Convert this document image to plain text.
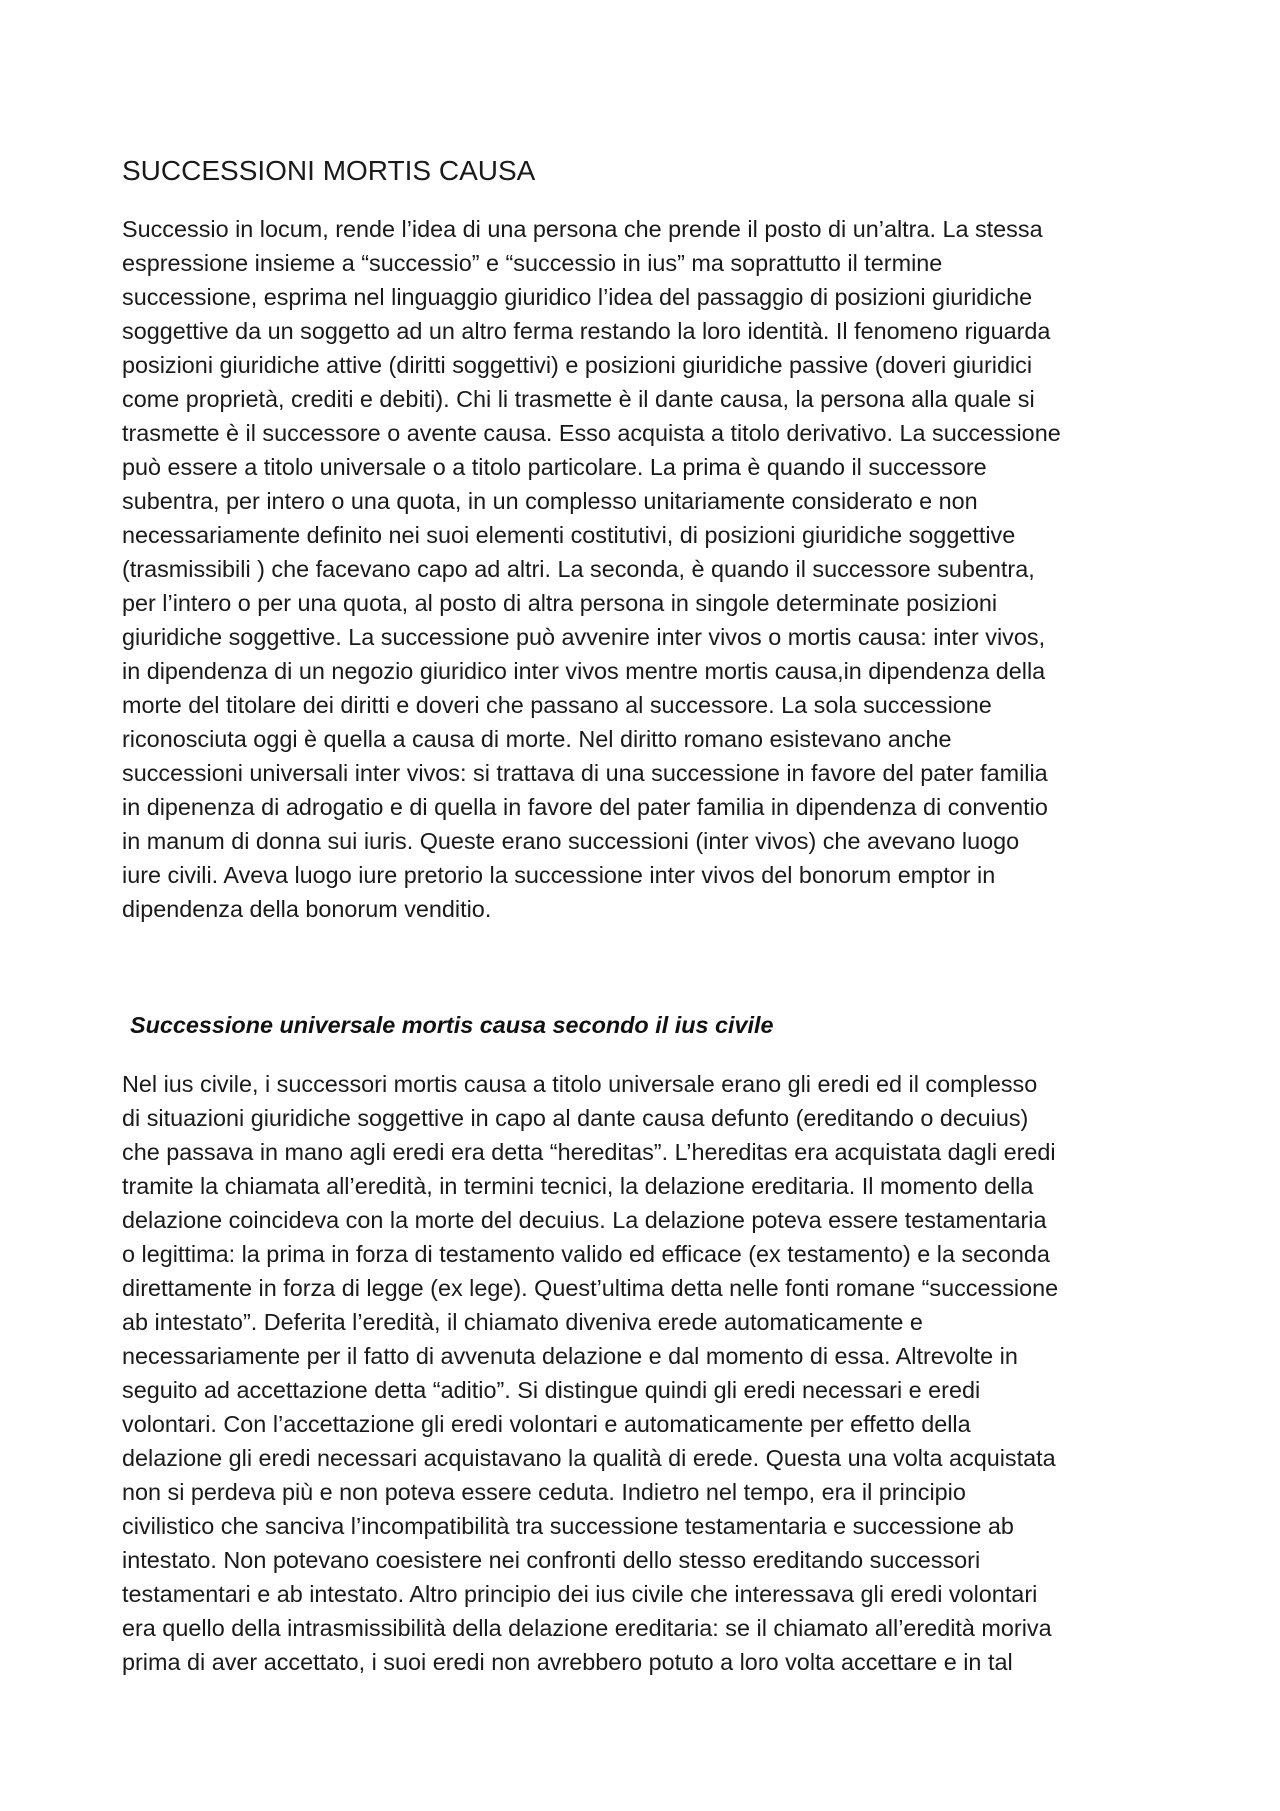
SUCCESSIONI MORTIS CAUSA

Successio in locum, rende l’idea di una persona che prende il posto di un’altra. La stessa
espressione insieme a “successio” e “successio in ius” ma soprattutto il termine
successione, esprima nel linguaggio giuridico l’idea del passaggio di posizioni giuridiche
soggettive da un soggetto ad un altro ferma restando la loro identità. Il fenomeno riguarda
posizioni giuridiche attive (diritti soggettivi) e posizioni giuridiche passive (doveri giuridici
come proprietà, crediti e debiti). Chi li trasmette è il dante causa, la persona alla quale si
trasmette è il successore o avente causa. Esso acquista a titolo derivativo. La successione
può essere a titolo universale o a titolo particolare. La prima è quando il successore
subentra, per intero o una quota, in un complesso unitariamente considerato e non
necessariamente definito nei suoi elementi costitutivi, di posizioni giuridiche soggettive
(trasmissibili ) che facevano capo ad altri. La seconda, è quando il successore subentra,
per l’intero o per una quota, al posto di altra persona in singole determinate posizioni
giuridiche soggettive. La successione può avvenire inter vivos o mortis causa: inter vivos,
in dipendenza di un negozio giuridico inter vivos mentre mortis causa,in dipendenza della
morte del titolare dei diritti e doveri che passano al successore. La sola successione
riconosciuta oggi è quella a causa di morte. Nel diritto romano esistevano anche
successioni universali inter vivos: si trattava di una successione in favore del pater familia
in dipenenza di adrogatio e di quella in favore del pater familia in dipendenza di conventio
in manum di donna sui iuris. Queste erano successioni (inter vivos) che avevano luogo
iure civili. Aveva luogo iure pretorio la successione inter vivos del bonorum emptor in
dipendenza della bonorum venditio.

Successione universale mortis causa secondo il ius civile

Nel ius civile, i successori mortis causa a titolo universale erano gli eredi ed il complesso
di situazioni giuridiche soggettive in capo al dante causa defunto (ereditando o decuius)
che passava in mano agli eredi era detta “hereditas”. L’hereditas era acquistata dagli eredi
tramite la chiamata all’eredità, in termini tecnici, la delazione ereditaria. Il momento della
delazione coincideva con la morte del decuius. La delazione poteva essere testamentaria
o legittima: la prima in forza di testamento valido ed efficace (ex testamento) e la seconda
direttamente in forza di legge (ex lege). Quest’ultima detta nelle fonti romane “successione
ab intestato”. Deferita l’eredità, il chiamato diveniva erede automaticamente e
necessariamente per il fatto di avvenuta delazione e dal momento di essa. Altrevolte in
seguito ad accettazione detta “aditio”. Si distingue quindi gli eredi necessari e eredi
volontari. Con l’accettazione gli eredi volontari e automaticamente per effetto della
delazione gli eredi necessari acquistavano la qualità di erede. Questa una volta acquistata
non si perdeva più e non poteva essere ceduta. Indietro nel tempo, era il principio
civilistico che sanciva l’incompatibilità tra successione testamentaria e successione ab
intestato. Non potevano coesistere nei confronti dello stesso ereditando successori
testamentari e ab intestato. Altro principio dei ius civile che interessava gli eredi volontari
era quello della intrasmissibilità della delazione ereditaria: se il chiamato all’eredità moriva
prima di aver accettato, i suoi eredi non avrebbero potuto a loro volta accettare e in tal
